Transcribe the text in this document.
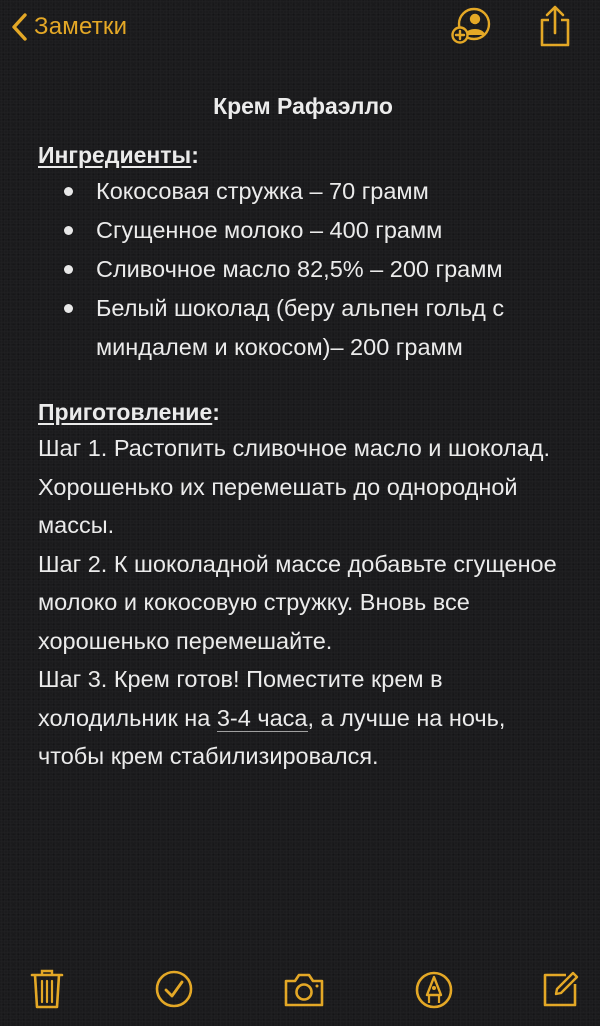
Заметки
Крем Рафаэлло
Ингредиенты:
Кокосовая стружка – 70 грамм
Сгущенное молоко – 400 грамм
Сливочное масло 82,5% – 200 грамм
Белый шоколад (беру альпен гольд с миндалем и кокосом)– 200 грамм
Приготовление:
Шаг 1. Растопить сливочное масло и шоколад. Хорошенько их перемешать до однородной массы.
Шаг 2. К шоколадной массе добавьте сгущеное молоко и кокосовую стружку. Вновь все хорошенько перемешайте.
Шаг 3. Крем готов! Поместите крем в холодильник на 3-4 часа, а лучше на ночь, чтобы крем стабилизировался.
